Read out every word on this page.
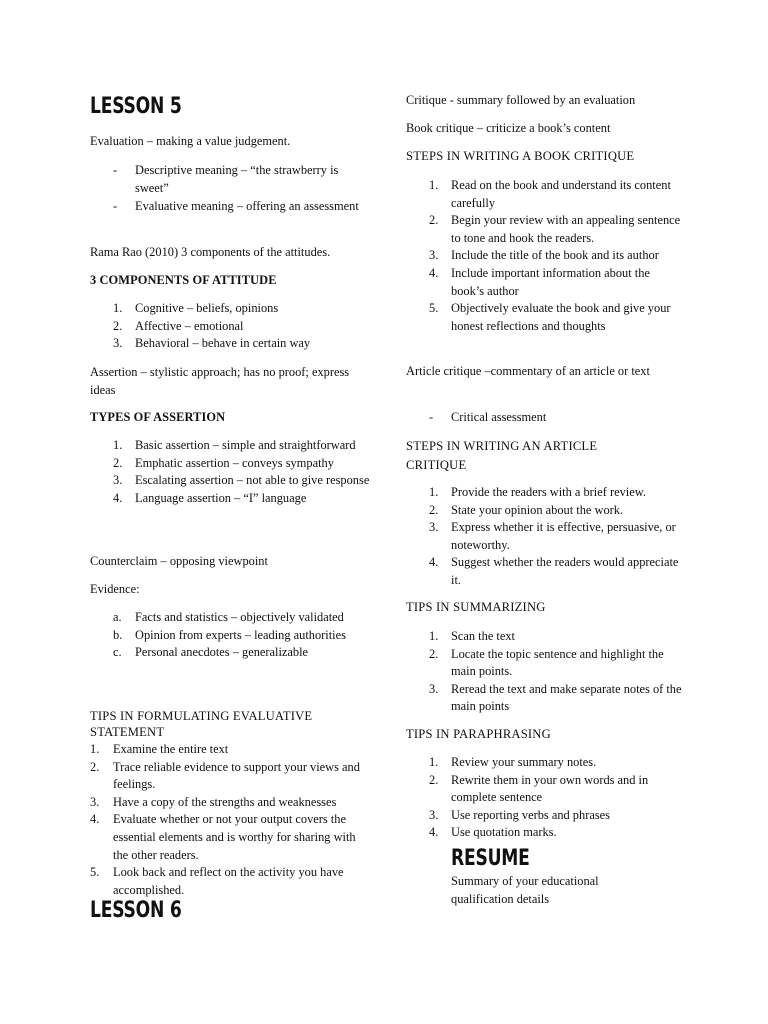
LESSON 5

Evaluation – making a value judgement.

- Descriptive meaning – “the strawberry is sweet”
- Evaluative meaning – offering an assessment

Rama Rao (2010) 3 components of the attitudes.

3 COMPONENTS OF ATTITUDE
1. Cognitive – beliefs, opinions
2. Affective – emotional
3. Behavioral – behave in certain way

Assertion – stylistic approach; has no proof; express ideas

TYPES OF ASSERTION
1. Basic assertion – simple and straightforward
2. Emphatic assertion – conveys sympathy
3. Escalating assertion – not able to give response
4. Language assertion – “I” language

Counterclaim – opposing viewpoint

Evidence:

a. Facts and statistics – objectively validated
b. Opinion from experts – leading authorities
c. Personal anecdotes – generalizable
TIPS IN FORMULATING EVALUATIVE STATEMENT
1. Examine the entire text
2. Trace reliable evidence to support your views and feelings.
3. Have a copy of the strengths and weaknesses
4. Evaluate whether or not your output covers the essential elements and is worthy for sharing with the other readers.
5. Look back and reflect on the activity you have accomplished.
LESSON 6

Critique - summary followed by an evaluation

Book critique – criticize a book’s content

STEPS IN WRITING A BOOK CRITIQUE
1. Read on the book and understand its content carefully
2. Begin your review with an appealing sentence to tone and hook the readers.
3. Include the title of the book and its author
4. Include important information about the book’s author
5. Objectively evaluate the book and give your honest reflections and thoughts

Article critique –commentary of an article or text

- Critical assessment
STEPS IN WRITING AN ARTICLE CRITIQUE
1. Provide the readers with a brief review.
2. State your opinion about the work.
3. Express whether it is effective, persuasive, or noteworthy.
4. Suggest whether the readers would appreciate it.
TIPS IN SUMMARIZING
1. Scan the text
2. Locate the topic sentence and highlight the main points.
3. Reread the text and make separate notes of the main points
TIPS IN PARAPHRASING
1. Review your summary notes.
2. Rewrite them in your own words and in complete sentence
3. Use reporting verbs and phrases
4. Use quotation marks.
RESUME

Summary of your educational qualification details
